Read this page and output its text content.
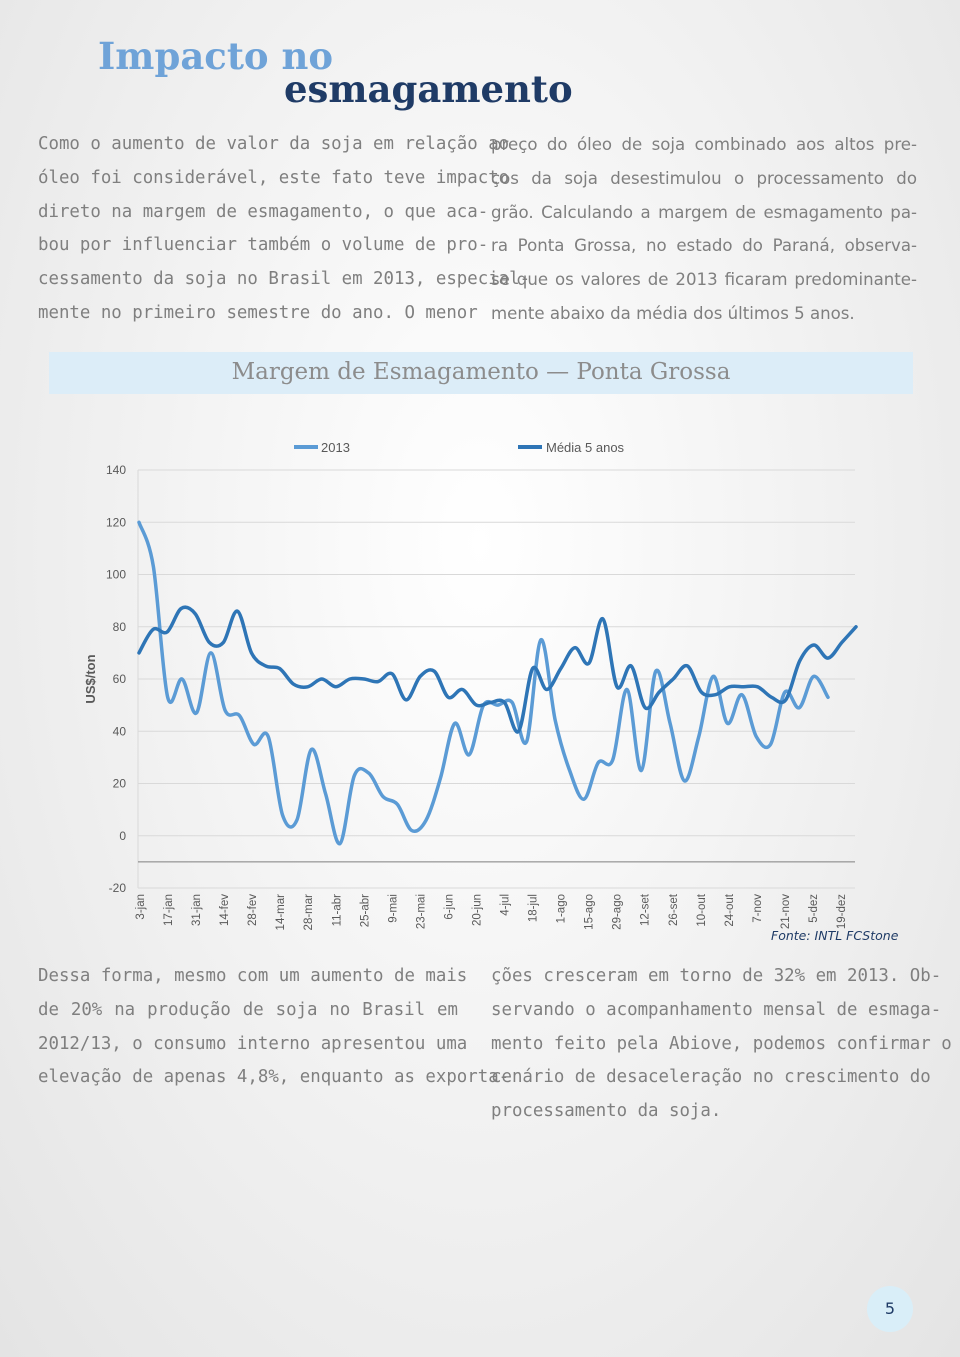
Impacto no
esmagamento
Como o aumento de valor da soja em relação ao
óleo foi considerável, este fato teve impacto
direto na margem de esmagamento, o que aca-
bou por influenciar também o volume de pro-
cessamento da soja no Brasil em 2013, especial-
mente no primeiro semestre do ano. O menor
preço do óleo de soja combinado aos altos pre-
ços da soja desestimulou o processamento do
grão. Calculando a margem de esmagamento pa-
ra Ponta Grossa, no estado do Paraná, observa-
se que os valores de 2013 ficaram predominante-
mente abaixo da média dos últimos 5 anos.
Margem de Esmagamento — Ponta Grossa
140
120
100
80
60
40
20
0
-20
US$/ton
3-jan 17-jan 31-jan 14-fev 28-fev 14-mar 28-mar 11-abr 25-abr 9-mai 23-mai 6-jun 20-jun 4-jul 18-jul 1-ago 15-ago 29-ago 12-set 26-set 10-out 24-out 7-nov 21-nov 5-dez 19-dez
2013	Média 5 anos
Fonte: INTL FCStone
Dessa forma, mesmo com um aumento de mais
de 20% na produção de soja no Brasil em
2012/13, o consumo interno apresentou uma
elevação de apenas 4,8%, enquanto as exporta-
ções cresceram em torno de 32% em 2013. Ob-
servando o acompanhamento mensal de esmaga-
mento feito pela Abiove, podemos confirmar o
cenário de desaceleração no crescimento do
processamento da soja.
5
